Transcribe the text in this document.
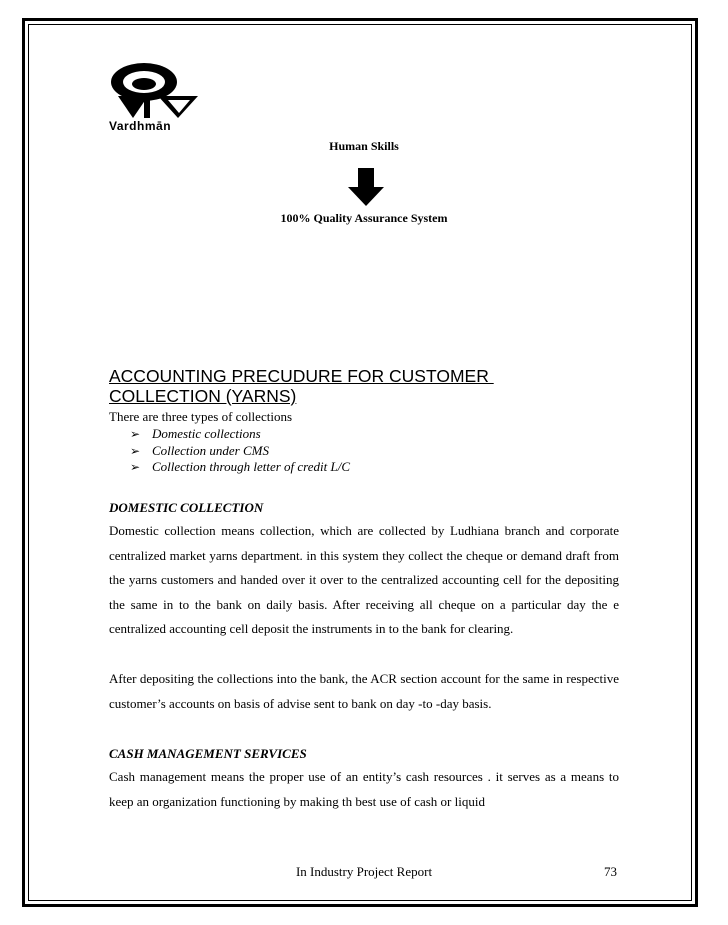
Vardhmān
Human Skills
100% Quality Assurance System
ACCOUNTING PRECUDURE FOR CUSTOMER
COLLECTION (YARNS)
There are three types of collections
➢ Domestic collections
➢ Collection under CMS
➢ Collection through letter of credit L/C
DOMESTIC COLLECTION

Domestic collection means collection, which are collected by Ludhiana branch and corporate centralized market yarns department. in this system they collect the cheque or demand draft from the yarns customers and handed over it over to the centralized accounting cell for the depositing the same in to the bank on daily basis. After receiving all cheque on a particular day the e centralized accounting cell deposit the instruments in to the bank for clearing.

After depositing the collections into the bank, the ACR section account for the same in respective customer’s accounts on basis of advise sent to bank on day -to -day basis.

CASH MANAGEMENT SERVICES

Cash management means the proper use of an entity’s cash resources . it serves as a means to keep an organization functioning by making th best use of cash or liquid

In Industry Project Report	73
